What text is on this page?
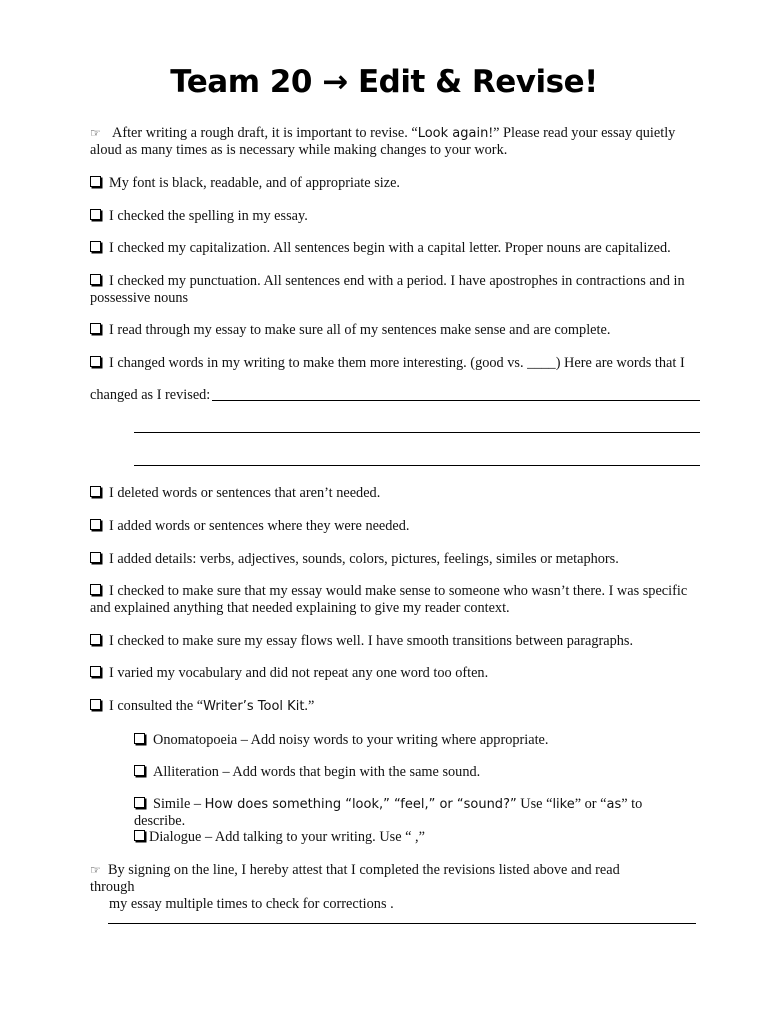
Team 20 → Edit & Revise!
☞ After writing a rough draft, it is important to revise. “Look again!” Please read your essay quietly aloud as many times as is necessary while making changes to your work.
My font is black, readable, and of appropriate size.
I checked the spelling in my essay.
I checked my capitalization. All sentences begin with a capital letter. Proper nouns are capitalized.
I checked my punctuation. All sentences end with a period. I have apostrophes in contractions and in possessive nouns
I read through my essay to make sure all of my sentences make sense and are complete.
I changed words in my writing to make them more interesting. (good vs. ____) Here are words that I
changed as I revised:
I deleted words or sentences that aren’t needed.
I added words or sentences where they were needed.
I added details: verbs, adjectives, sounds, colors, pictures, feelings, similes or metaphors.
I checked to make sure that my essay would make sense to someone who wasn’t there. I was specific and explained anything that needed explaining to give my reader context.
I checked to make sure my essay flows well. I have smooth transitions between paragraphs.
I varied my vocabulary and did not repeat any one word too often.
I consulted the “Writer’s Tool Kit.”
Onomatopoeia – Add noisy words to your writing where appropriate.
Alliteration – Add words that begin with the same sound.
Simile – How does something “look,” “feel,” or “sound?” Use “like” or “as” to describe.
Dialogue – Add talking to your writing. Use “ ,”
☞ By signing on the line, I hereby attest that I completed the revisions listed above and read through
my essay multiple times to check for corrections .
